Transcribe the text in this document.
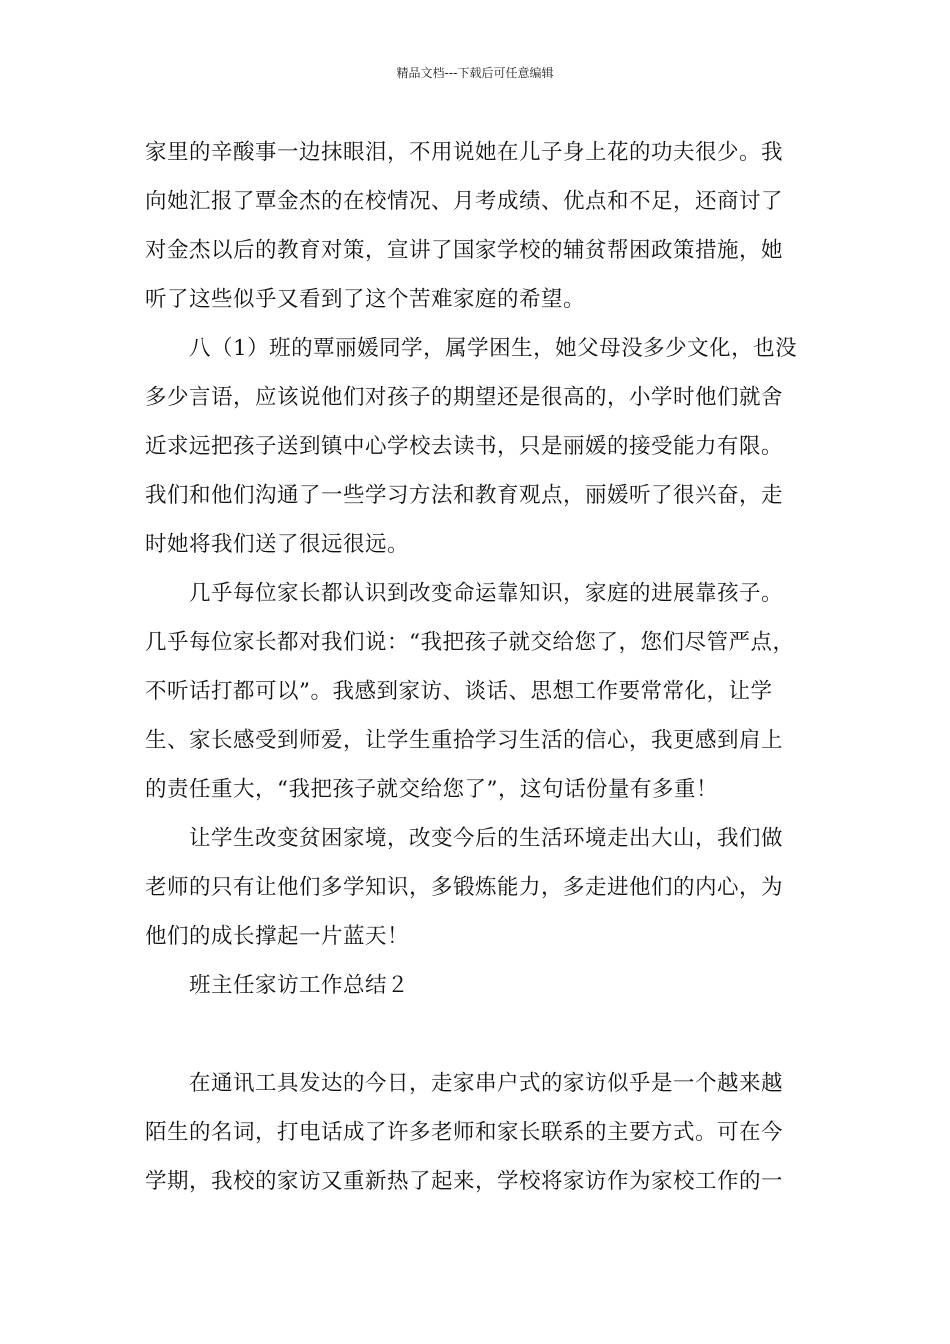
精品文档---下载后可任意编辑
家里的辛酸事一边抹眼泪，不用说她在儿子身上花的功夫很少。我
向她汇报了覃金杰的在校情况、月考成绩、优点和不足，还商讨了
对金杰以后的教育对策，宣讲了国家学校的辅贫帮困政策措施，她
听了这些似乎又看到了这个苦难家庭的希望。
八（1）班的覃丽媛同学，属学困生，她父母没多少文化，也没
多少言语，应该说他们对孩子的期望还是很高的，小学时他们就舍
近求远把孩子送到镇中心学校去读书，只是丽媛的接受能力有限。
我们和他们沟通了一些学习方法和教育观点，丽媛听了很兴奋，走
时她将我们送了很远很远。
几乎每位家长都认识到改变命运靠知识，家庭的进展靠孩子。
几乎每位家长都对我们说：“我把孩子就交给您了，您们尽管严点，
不听话打都可以”。我感到家访、谈话、思想工作要常常化，让学
生、家长感受到师爱，让学生重拾学习生活的信心，我更感到肩上
的责任重大，“我把孩子就交给您了”，这句话份量有多重！
让学生改变贫困家境，改变今后的生活环境走出大山，我们做
老师的只有让他们多学知识，多锻炼能力，多走进他们的内心，为
他们的成长撑起一片蓝天！
班主任家访工作总结２
在通讯工具发达的今日，走家串户式的家访似乎是一个越来越
陌生的名词，打电话成了许多老师和家长联系的主要方式。可在今
学期，我校的家访又重新热了起来，学校将家访作为家校工作的一
